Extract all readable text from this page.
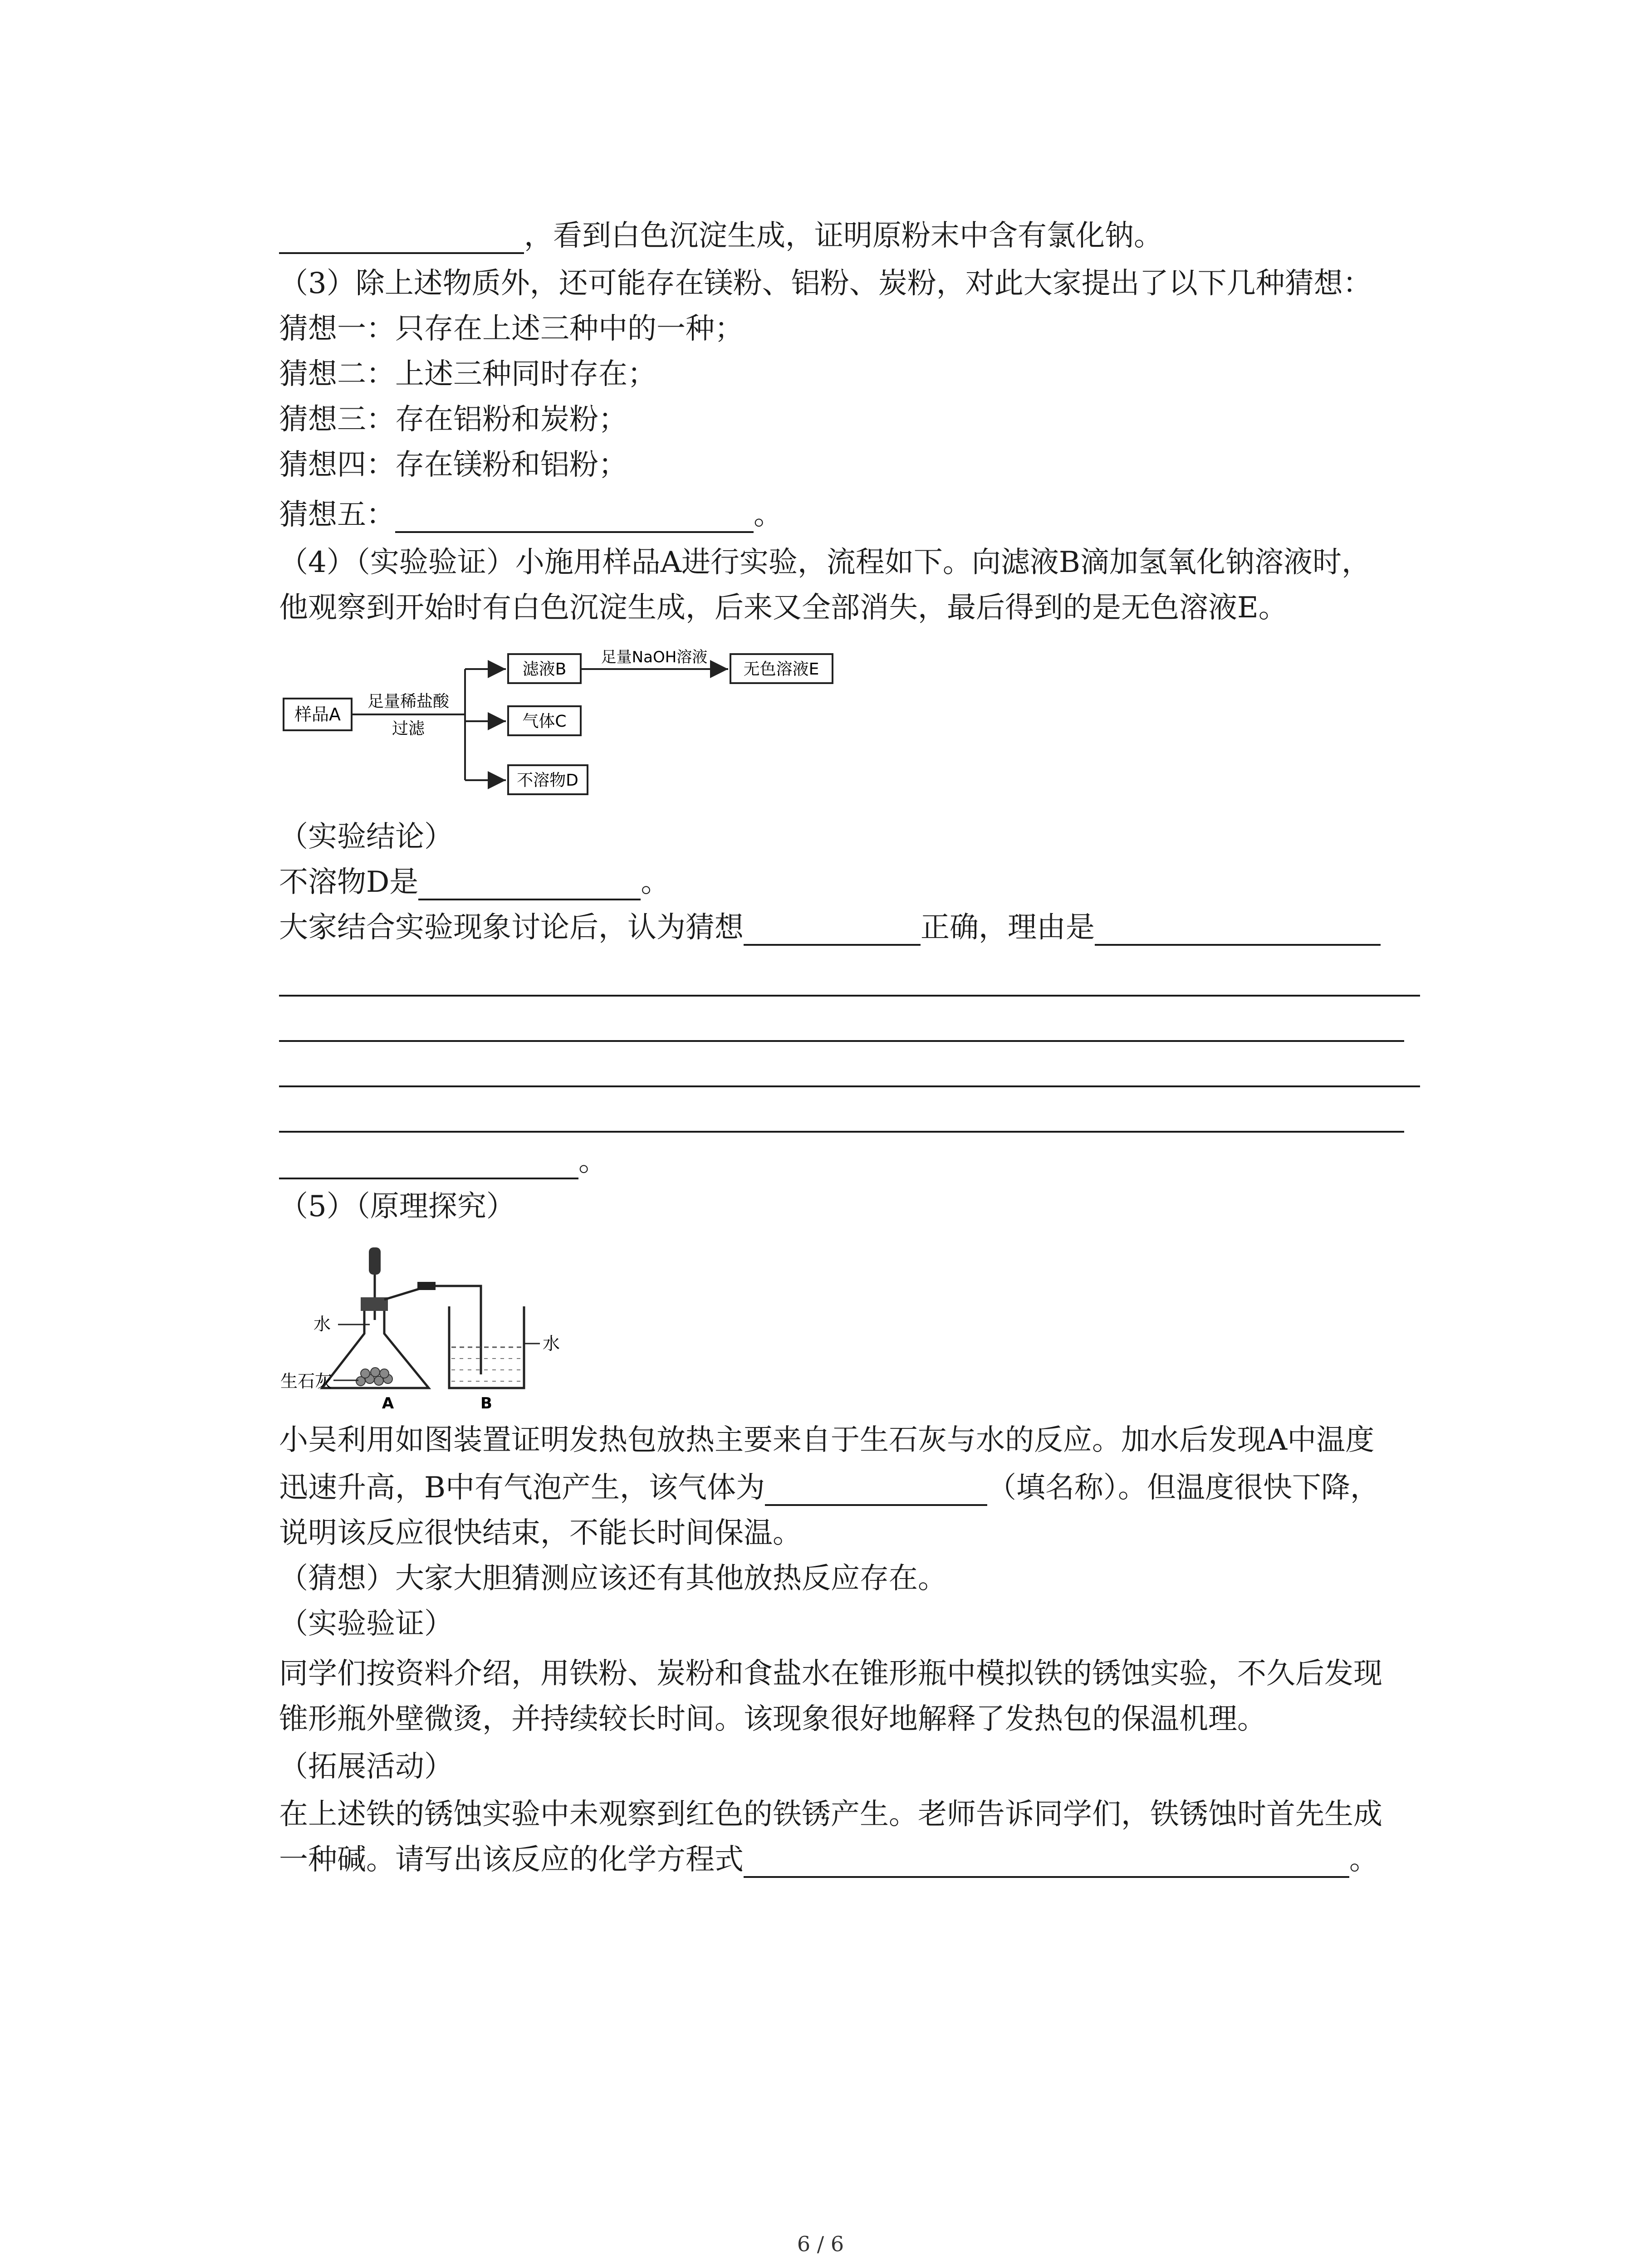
，看到白色沉淀生成，证明原粉末中含有氯化钠。
（3）除上述物质外，还可能存在镁粉、铝粉、炭粉，对此大家提出了以下几种猜想：
猜想一：只存在上述三种中的一种；
猜想二：上述三种同时存在；
猜想三：存在铝粉和炭粉；
猜想四：存在镁粉和铝粉；
猜想五：	。
（4）（实验验证）小施用样品A进行实验，流程如下。向滤液B滴加氢氧化钠溶液时，
他观察到开始时有白色沉淀生成，后来又全部消失，最后得到的是无色溶液E。
样品A
足量稀盐酸
过滤
滤液B
气体C
不溶物D
足量NaOH溶液
无色溶液E
（实验结论）
不溶物D是	。
大家结合实验现象讨论后，认为猜想	正确，理由是
。
（5）（原理探究）
水
水
生石灰
A	B
小吴利用如图装置证明发热包放热主要来自于生石灰与水的反应。加水后发现A中温度
迅速升高，B中有气泡产生，该气体为	（填名称）。但温度很快下降，
说明该反应很快结束，不能长时间保温。
（猜想）大家大胆猜测应该还有其他放热反应存在。
（实验验证）
同学们按资料介绍，用铁粉、炭粉和食盐水在锥形瓶中模拟铁的锈蚀实验，不久后发现
锥形瓶外壁微烫，并持续较长时间。该现象很好地解释了发热包的保温机理。
（拓展活动）
在上述铁的锈蚀实验中未观察到红色的铁锈产生。老师告诉同学们，铁锈蚀时首先生成
一种碱。请写出该反应的化学方程式	。
6 / 6
